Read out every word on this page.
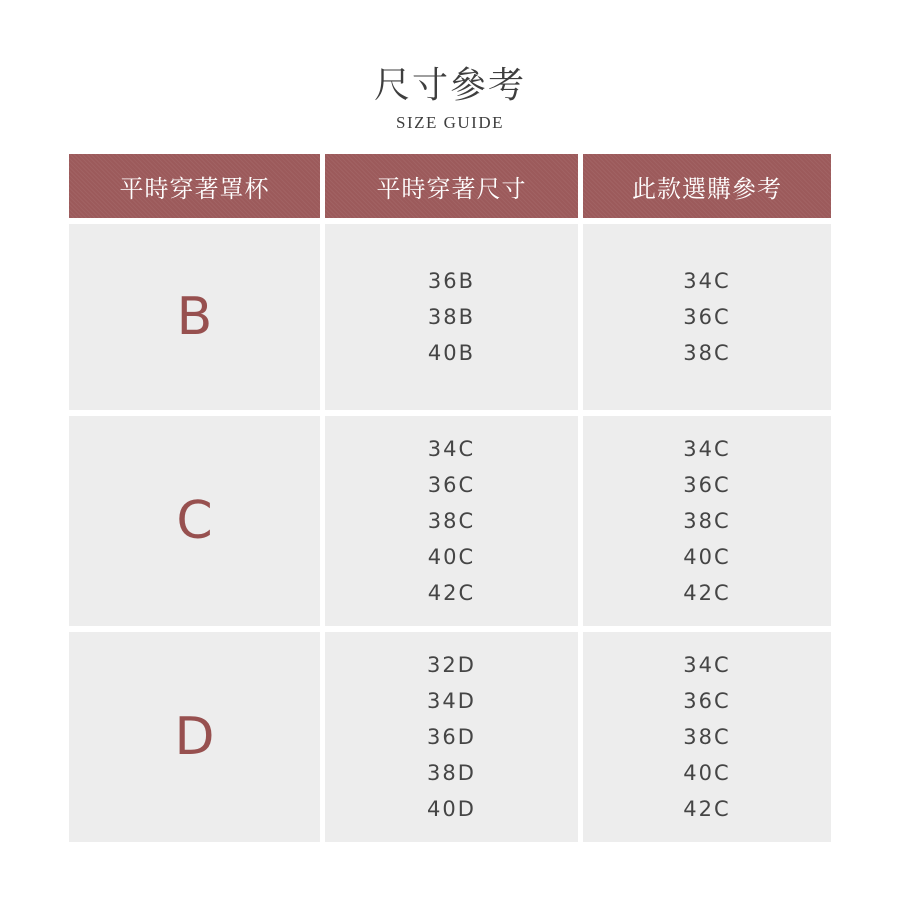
尺寸參考
SIZE GUIDE
平時穿著罩杯	平時穿著尺寸	此款選購參考
B
36B
38B
40B
34C
36C
38C
C
34C
36C
38C
40C
42C
34C
36C
38C
40C
42C
D
32D
34D
36D
38D
40D
34C
36C
38C
40C
42C
